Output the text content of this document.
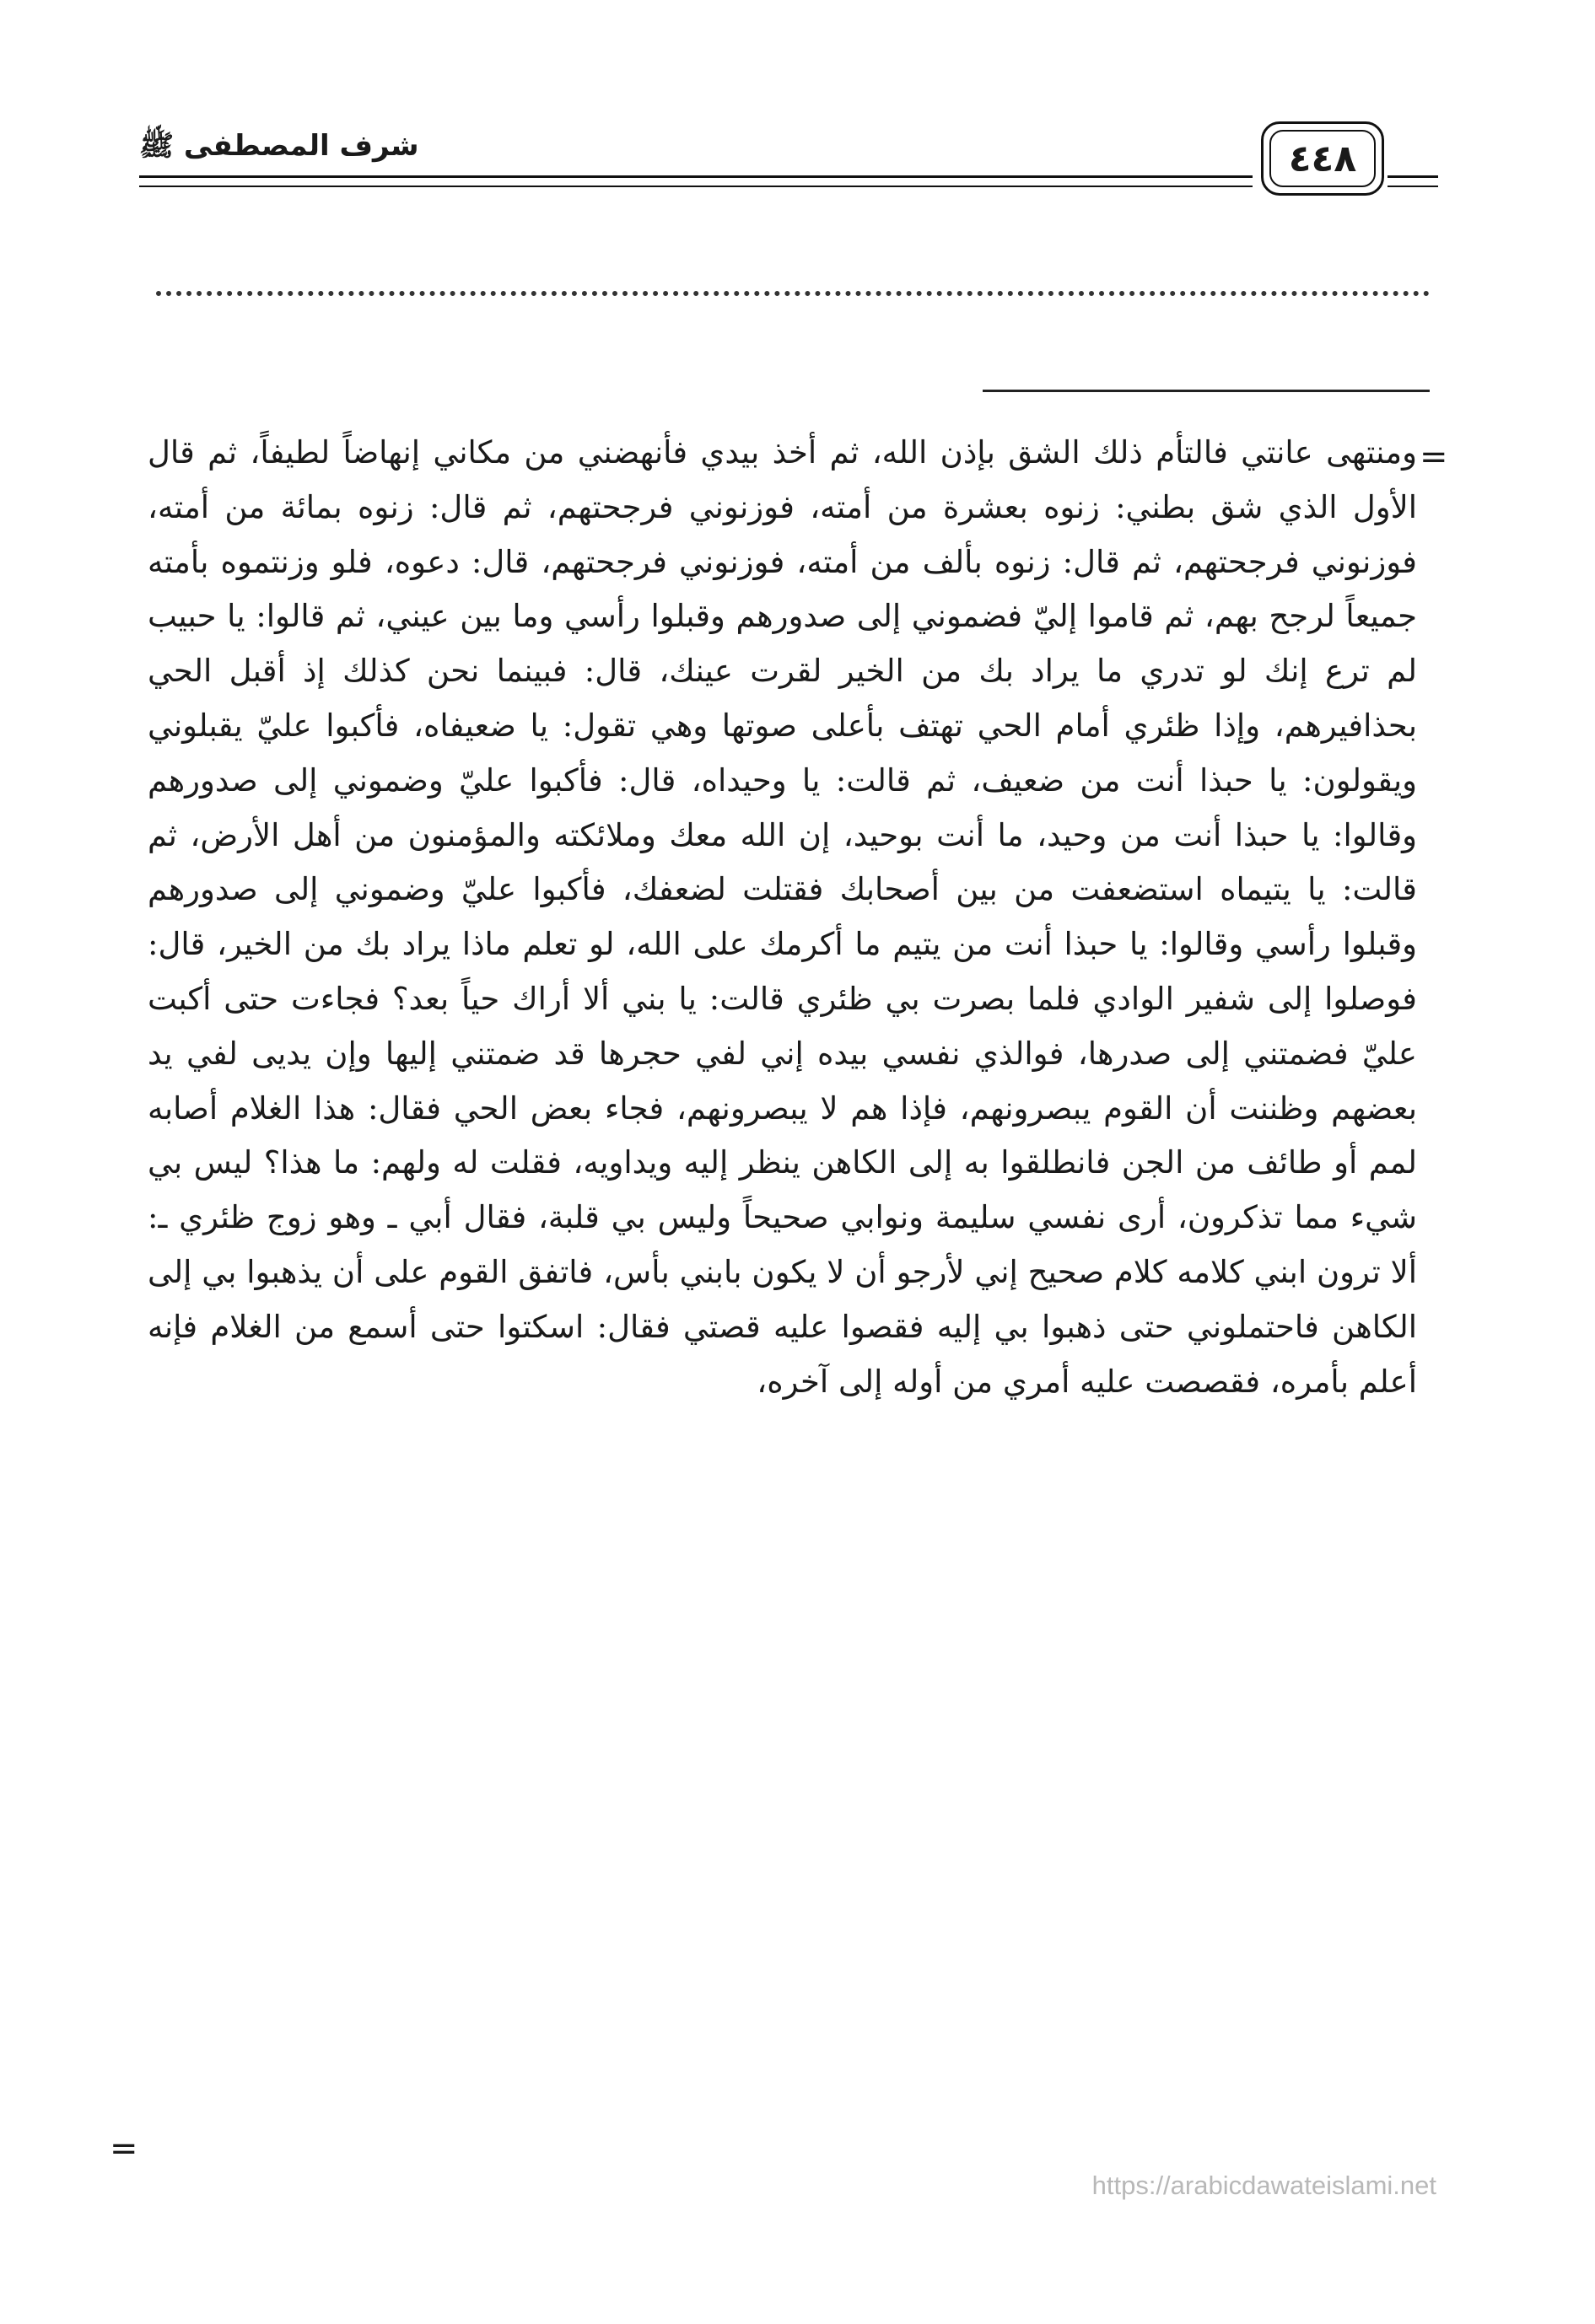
شرف المصطفى ﷺ	٤٤٨
=
ومنتهى عانتي فالتأم ذلك الشق بإذن الله، ثم أخذ بيدي فأنهضني من مكاني إنهاضاً لطيفاً، ثم قال الأول الذي شق بطني: زنوه بعشرة من أمته، فوزنوني فرجحتهم، ثم قال: زنوه بمائة من أمته، فوزنوني فرجحتهم، ثم قال: زنوه بألف من أمته، فوزنوني فرجحتهم، قال: دعوه، فلو وزنتموه بأمته جميعاً لرجح بهم، ثم قاموا إليّ فضموني إلى صدورهم وقبلوا رأسي وما بين عيني، ثم قالوا: يا حبيب لم ترع إنك لو تدري ما يراد بك من الخير لقرت عينك، قال: فبينما نحن كذلك إذ أقبل الحي بحذافيرهم، وإذا ظئري أمام الحي تهتف بأعلى صوتها وهي تقول: يا ضعيفاه، فأكبوا عليّ يقبلوني ويقولون: يا حبذا أنت من ضعيف، ثم قالت: يا وحيداه، قال: فأكبوا عليّ وضموني إلى صدورهم وقالوا: يا حبذا أنت من وحيد، ما أنت بوحيد، إن الله معك وملائكته والمؤمنون من أهل الأرض، ثم قالت: يا يتيماه استضعفت من بين أصحابك فقتلت لضعفك، فأكبوا عليّ وضموني إلى صدورهم وقبلوا رأسي وقالوا: يا حبذا أنت من يتيم ما أكرمك على الله، لو تعلم ماذا يراد بك من الخير، قال: فوصلوا إلى شفير الوادي فلما بصرت بي ظئري قالت: يا بني ألا أراك حياً بعد؟ فجاءت حتى أكبت عليّ فضمتني إلى صدرها، فوالذي نفسي بيده إني لفي حجرها قد ضمتني إليها وإن يديى لفي يد بعضهم وظننت أن القوم يبصرونهم، فإذا هم لا يبصرونهم، فجاء بعض الحي فقال: هذا الغلام أصابه لمم أو طائف من الجن فانطلقوا به إلى الكاهن ينظر إليه ويداويه، فقلت له ولهم: ما هذا؟ ليس بي شيء مما تذكرون، أرى نفسي سليمة ونوابي صحيحاً وليس بي قلبة، فقال أبي ـ وهو زوج ظئري ـ: ألا ترون ابني كلامه كلام صحيح إني لأرجو أن لا يكون بابني بأس، فاتفق القوم على أن يذهبوا بي إلى الكاهن فاحتملوني حتى ذهبوا بي إليه فقصوا عليه قصتي فقال: اسكتوا حتى أسمع من الغلام فإنه أعلم بأمره، فقصصت عليه أمري من أوله إلى آخره،
=
https://arabicdawateislami.net
